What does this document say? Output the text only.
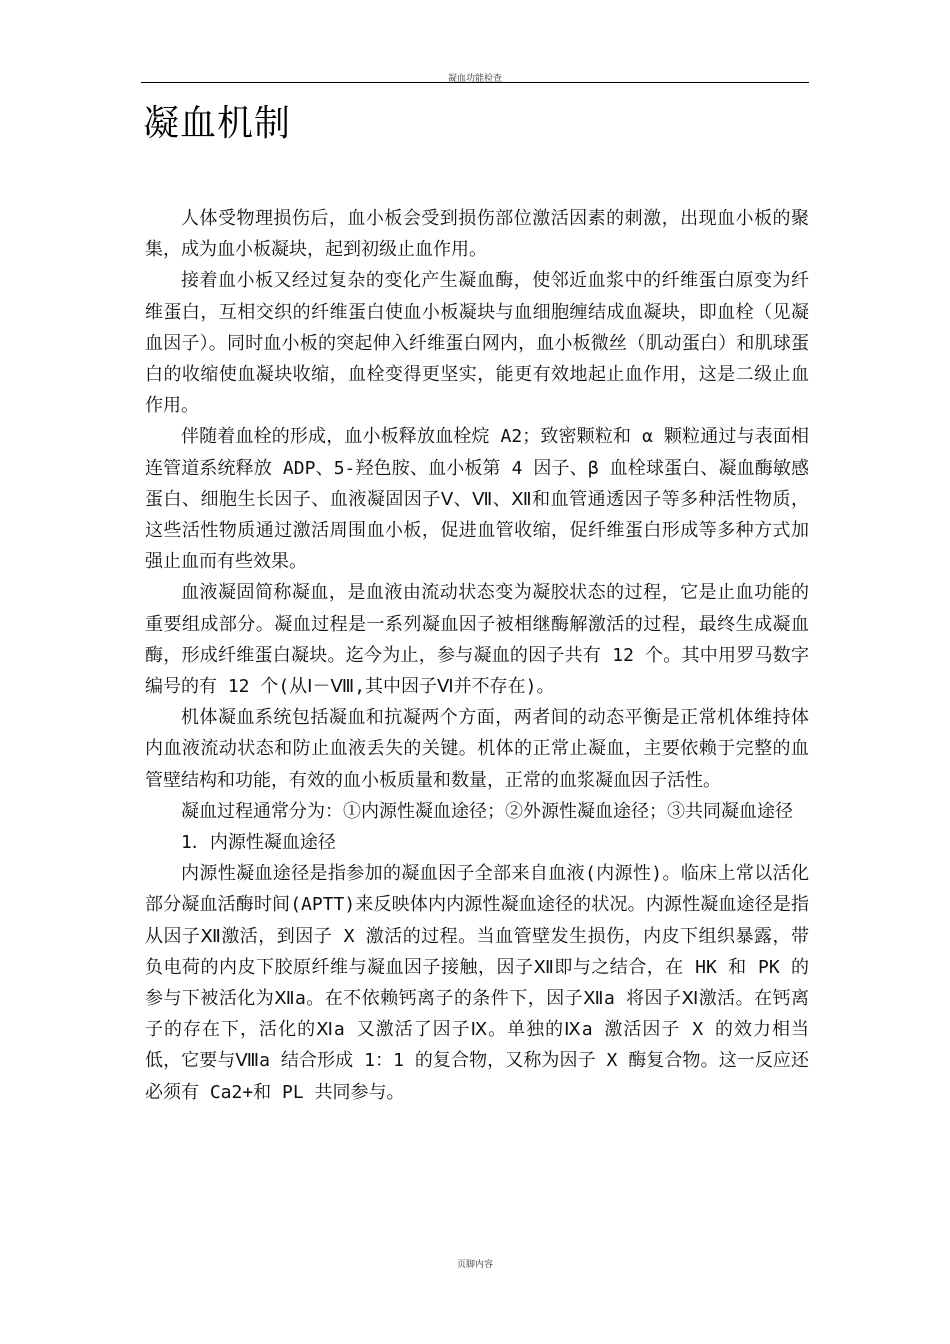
凝血功能检查
凝血机制

人体受物理损伤后，血小板会受到损伤部位激活因素的刺激，出现血小板的聚集，成为血小板凝块，起到初级止血作用。

接着血小板又经过复杂的变化产生凝血酶，使邻近血浆中的纤维蛋白原变为纤维蛋白，互相交织的纤维蛋白使血小板凝块与血细胞缠结成血凝块，即血栓（见凝血因子）。同时血小板的突起伸入纤维蛋白网内，血小板微丝（肌动蛋白）和肌球蛋白的收缩使血凝块收缩，血栓变得更坚实，能更有效地起止血作用，这是二级止血作用。

伴随着血栓的形成，血小板释放血栓烷 A2；致密颗粒和 α 颗粒通过与表面相连管道系统释放 ADP、5-羟色胺、血小板第 4 因子、β 血栓球蛋白、凝血酶敏感蛋白、细胞生长因子、血液凝固因子Ⅴ、Ⅶ、Ⅻ和血管通透因子等多种活性物质，这些活性物质通过激活周围血小板，促进血管收缩，促纤维蛋白形成等多种方式加强止血而有些效果。

血液凝固简称凝血，是血液由流动状态变为凝胶状态的过程，它是止血功能的重要组成部分。凝血过程是一系列凝血因子被相继酶解激活的过程，最终生成凝血酶，形成纤维蛋白凝块。迄今为止，参与凝血的因子共有 12 个。其中用罗马数字编号的有 12 个(从Ⅰ－Ⅷ,其中因子Ⅵ并不存在)。

机体凝血系统包括凝血和抗凝两个方面，两者间的动态平衡是正常机体维持体内血液流动状态和防止血液丢失的关键。机体的正常止凝血，主要依赖于完整的血管壁结构和功能，有效的血小板质量和数量，正常的血浆凝血因子活性。

凝血过程通常分为：①内源性凝血途径；②外源性凝血途径；③共同凝血途径

1．内源性凝血途径

内源性凝血途径是指参加的凝血因子全部来自血液(内源性)。临床上常以活化部分凝血活酶时间(APTT)来反映体内内源性凝血途径的状况。内源性凝血途径是指从因子Ⅻ激活，到因子 X 激活的过程。当血管壁发生损伤，内皮下组织暴露，带负电荷的内皮下胶原纤维与凝血因子接触，因子Ⅻ即与之结合，在 HK 和 PK 的参与下被活化为Ⅻa。在不依赖钙离子的条件下，因子Ⅻa 将因子Ⅺ激活。在钙离子的存在下，活化的Ⅺa 又激活了因子Ⅸ。单独的Ⅸa 激活因子 X 的效力相当低，它要与Ⅷa 结合形成 1：1 的复合物，又称为因子 X 酶复合物。这一反应还必须有 Ca2+和 PL 共同参与。

页脚内容
